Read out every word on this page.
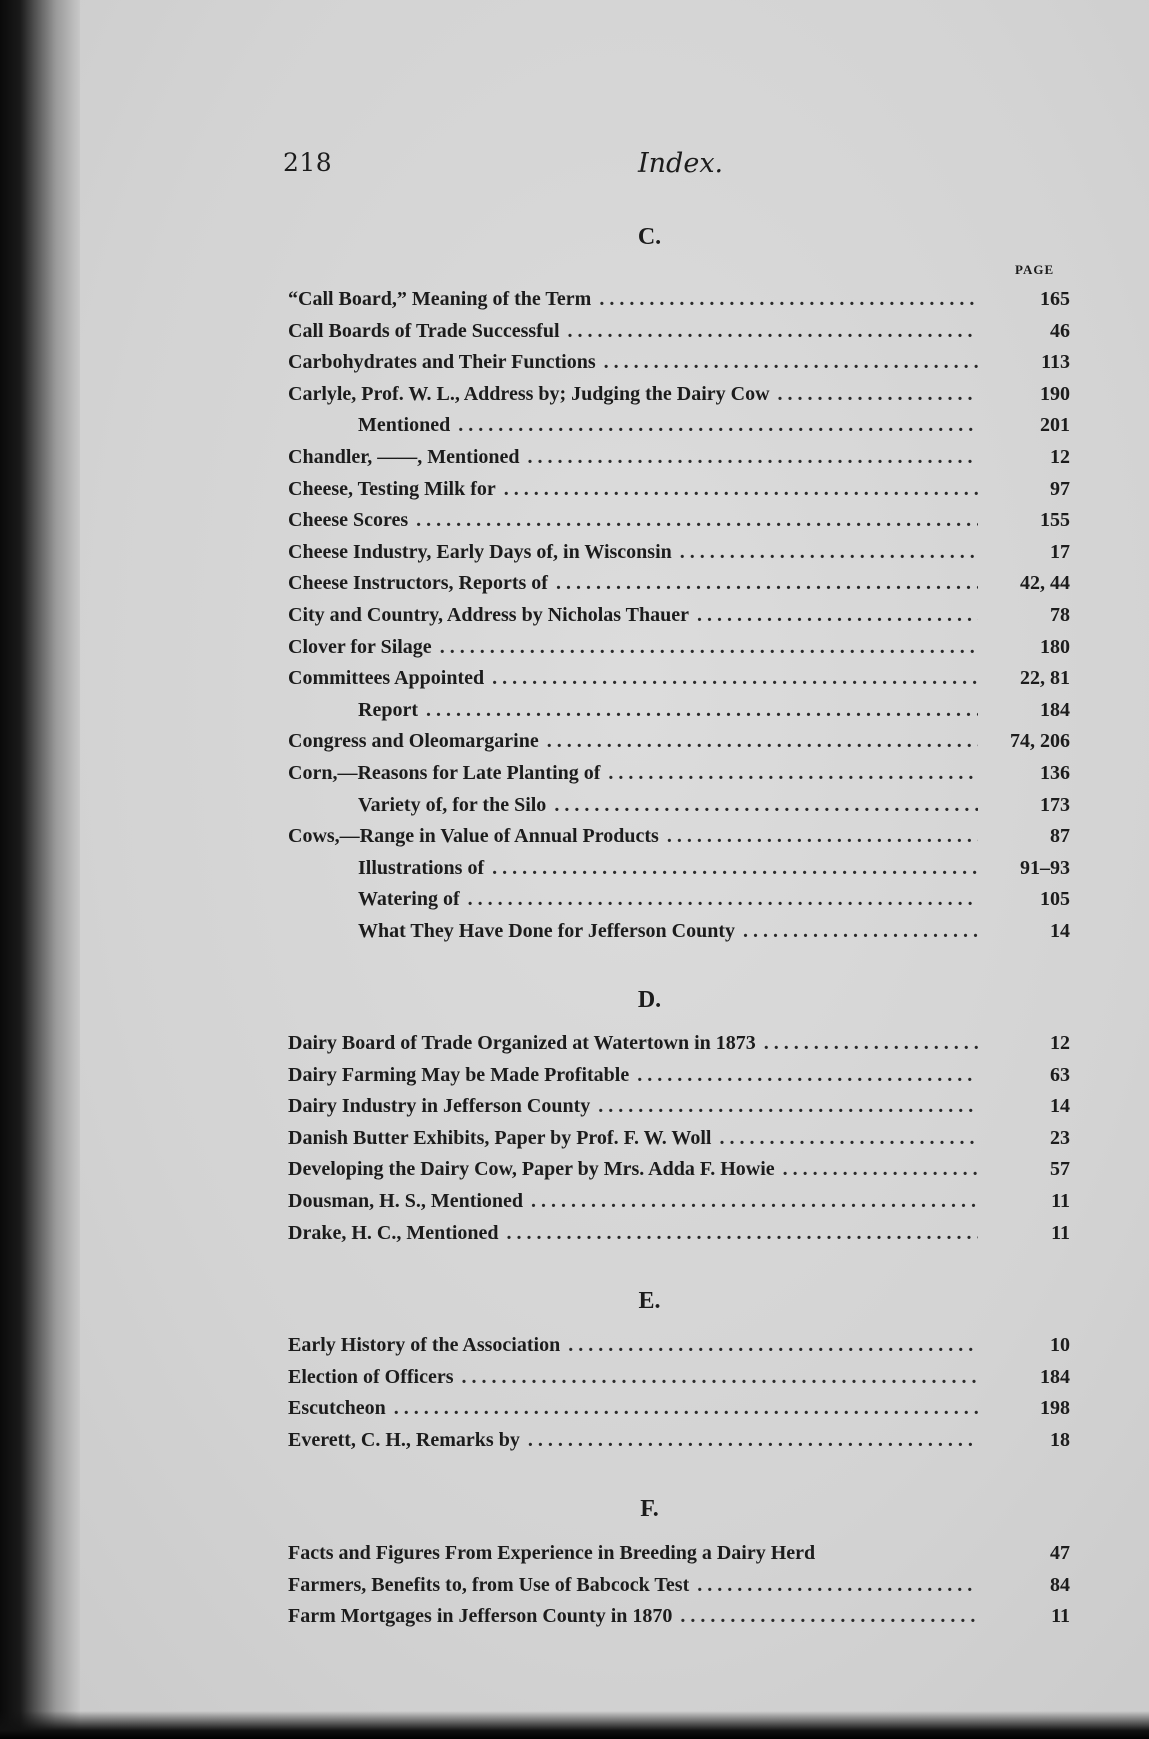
218	Index.
C.
PAGE
“Call Board,” Meaning of the Term . . .	165
Call Boards of Trade Successful . . .	46
Carbohydrates and Their Functions . . .	113
Carlyle, Prof. W. L., Address by; Judging the Dairy Cow . . .	190
Mentioned . . .	201
Chandler, ——, Mentioned . . .	12
Cheese, Testing Milk for . . .	97
Cheese Scores . . .	155
Cheese Industry, Early Days of, in Wisconsin . . .	17
Cheese Instructors, Reports of . . .	42, 44
City and Country, Address by Nicholas Thauer . . .	78
Clover for Silage . . .	180
Committees Appointed . . .	22, 81
Report . . .	184
Congress and Oleomargarine . . .	74, 206
Corn,—Reasons for Late Planting of . . .	136
Variety of, for the Silo . . .	173
Cows,—Range in Value of Annual Products . . .	87
Illustrations of . . .	91–93
Watering of . . .	105
What They Have Done for Jefferson County . . .	14
D.
Dairy Board of Trade Organized at Watertown in 1873 . . .	12
Dairy Farming May be Made Profitable . . .	63
Dairy Industry in Jefferson County . . .	14
Danish Butter Exhibits, Paper by Prof. F. W. Woll . . .	23
Developing the Dairy Cow, Paper by Mrs. Adda F. Howie . . .	57
Dousman, H. S., Mentioned . . .	11
Drake, H. C., Mentioned . . .	11
E.
Early History of the Association . . .	10
Election of Officers . . .	184
Escutcheon . . .	198
Everett, C. H., Remarks by . . .	18
F.
Facts and Figures From Experience in Breeding a Dairy Herd	47
Farmers, Benefits to, from Use of Babcock Test . . .	84
Farm Mortgages in Jefferson County in 1870 . . .	11
